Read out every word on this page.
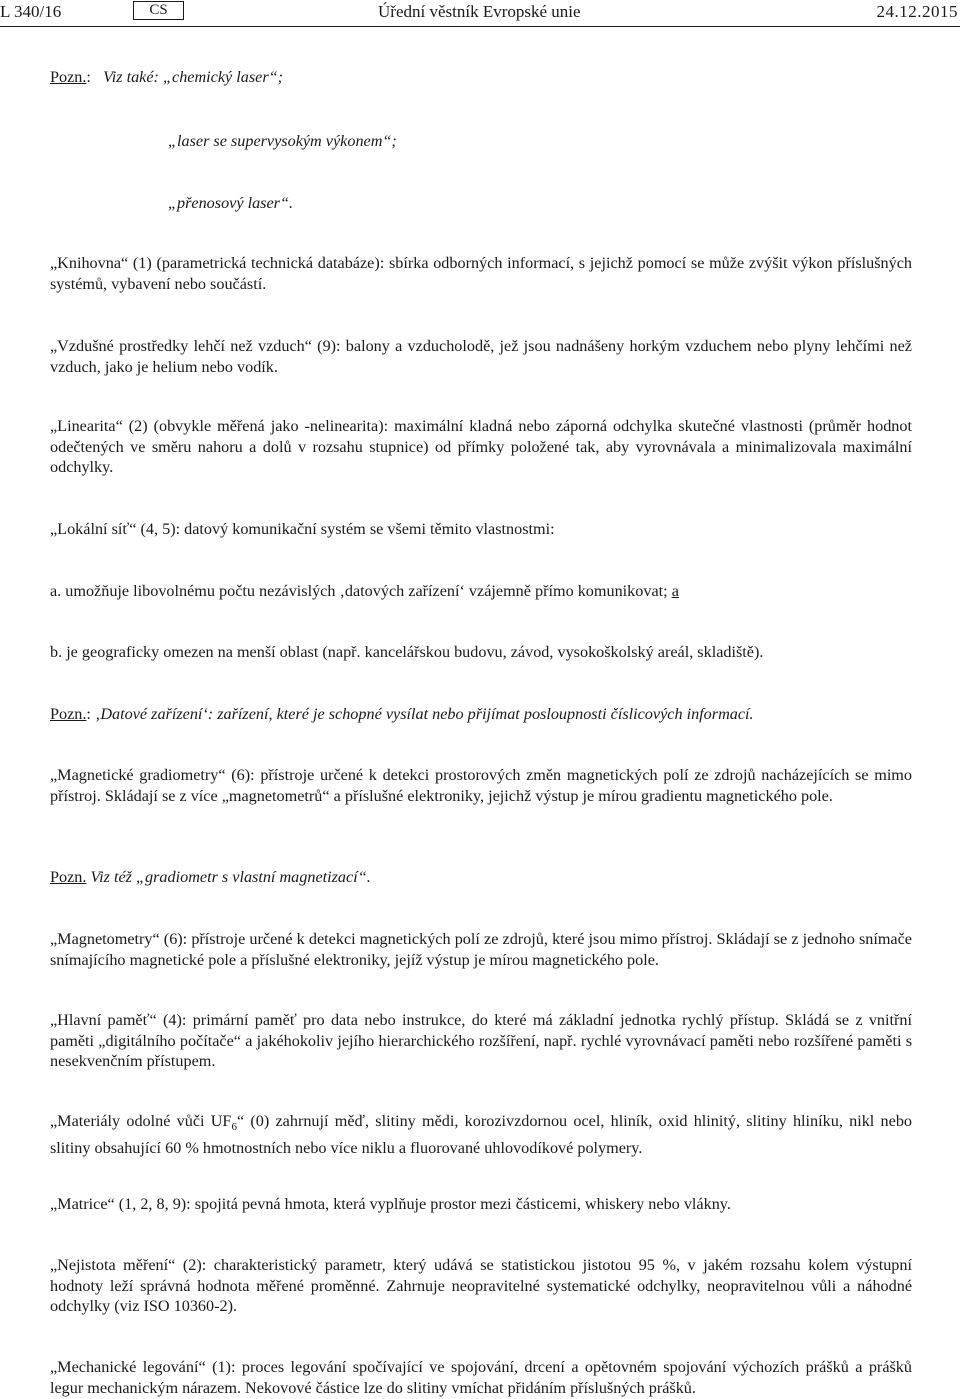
L 340/16	CS	Úřední věstník Evropské unie	24.12.2015

Pozn.: Viz také: „chemický laser“;

„laser se supervysokým výkonem“;

„přenosový laser“.

„Knihovna“ (1) (parametrická technická databáze): sbírka odborných informací, s jejichž pomocí se může zvýšit výkon příslušných systémů, vybavení nebo součástí.

„Vzdušné prostředky lehčí než vzduch“ (9): balony a vzducholodě, jež jsou nadnášeny horkým vzduchem nebo plyny lehčími než vzduch, jako je helium nebo vodík.

„Linearita“ (2) (obvykle měřená jako -nelinearita): maximální kladná nebo záporná odchylka skutečné vlastnosti (průměr hodnot odečtených ve směru nahoru a dolů v rozsahu stupnice) od přímky položené tak, aby vyrovnávala a minimalizovala maximální odchylky.

„Lokální síť“ (4, 5): datový komunikační systém se všemi těmito vlastnostmi:

a. umožňuje libovolnému počtu nezávislých ‚datových zařízení‘ vzájemně přímo komunikovat; a

b. je geograficky omezen na menší oblast (např. kancelářskou budovu, závod, vysokoškolský areál, skladiště).

Pozn.: ‚Datové zařízení‘: zařízení, které je schopné vysílat nebo přijímat posloupnosti číslicových informací.

„Magnetické gradiometry“ (6): přístroje určené k detekci prostorových změn magnetických polí ze zdrojů nacházejících se mimo přístroj. Skládají se z více „magnetometrů“ a příslušné elektroniky, jejichž výstup je mírou gradientu magnetického pole.

Pozn. Viz též „gradiometr s vlastní magnetizací“.

„Magnetometry“ (6): přístroje určené k detekci magnetických polí ze zdrojů, které jsou mimo přístroj. Skládají se z jednoho snímače snímajícího magnetické pole a příslušné elektroniky, jejíž výstup je mírou magnetického pole.

„Hlavní paměť“ (4): primární paměť pro data nebo instrukce, do které má základní jednotka rychlý přístup. Skládá se z vnitřní paměti „digitálního počítače“ a jakéhokoliv jejího hierarchického rozšíření, např. rychlé vyrovnávací paměti nebo rozšířené paměti s nesekvenčním přístupem.

„Materiály odolné vůči $UF_6“$ (0) zahrnují měď, slitiny mědi, korozivzdornou ocel, hliník, oxid hlinitý, slitiny hliníku, nikl nebo slitiny obsahující 60 % hmotnostních nebo více niklu a fluorované uhlovodíkové polymery.

„Matrice“ (1, 2, 8, 9): spojitá pevná hmota, která vyplňuje prostor mezi částicemi, whiskery nebo vlákny.

„Nejistota měření“ (2): charakteristický parametr, který udává se statistickou jistotou 95 %, v jakém rozsahu kolem výstupní hodnoty leží správná hodnota měřené proměnné. Zahrnuje neopravitelné systematické odchylky, neopravitelnou vůli a náhodné odchylky (viz ISO 10360-2).

„Mechanické legování“ (1): proces legování spočívající ve spojování, drcení a opětovném spojování výchozích prášků a prášků legur mechanickým nárazem. Nekovové částice lze do slitiny vmíchat přidáním příslušných prášků.
